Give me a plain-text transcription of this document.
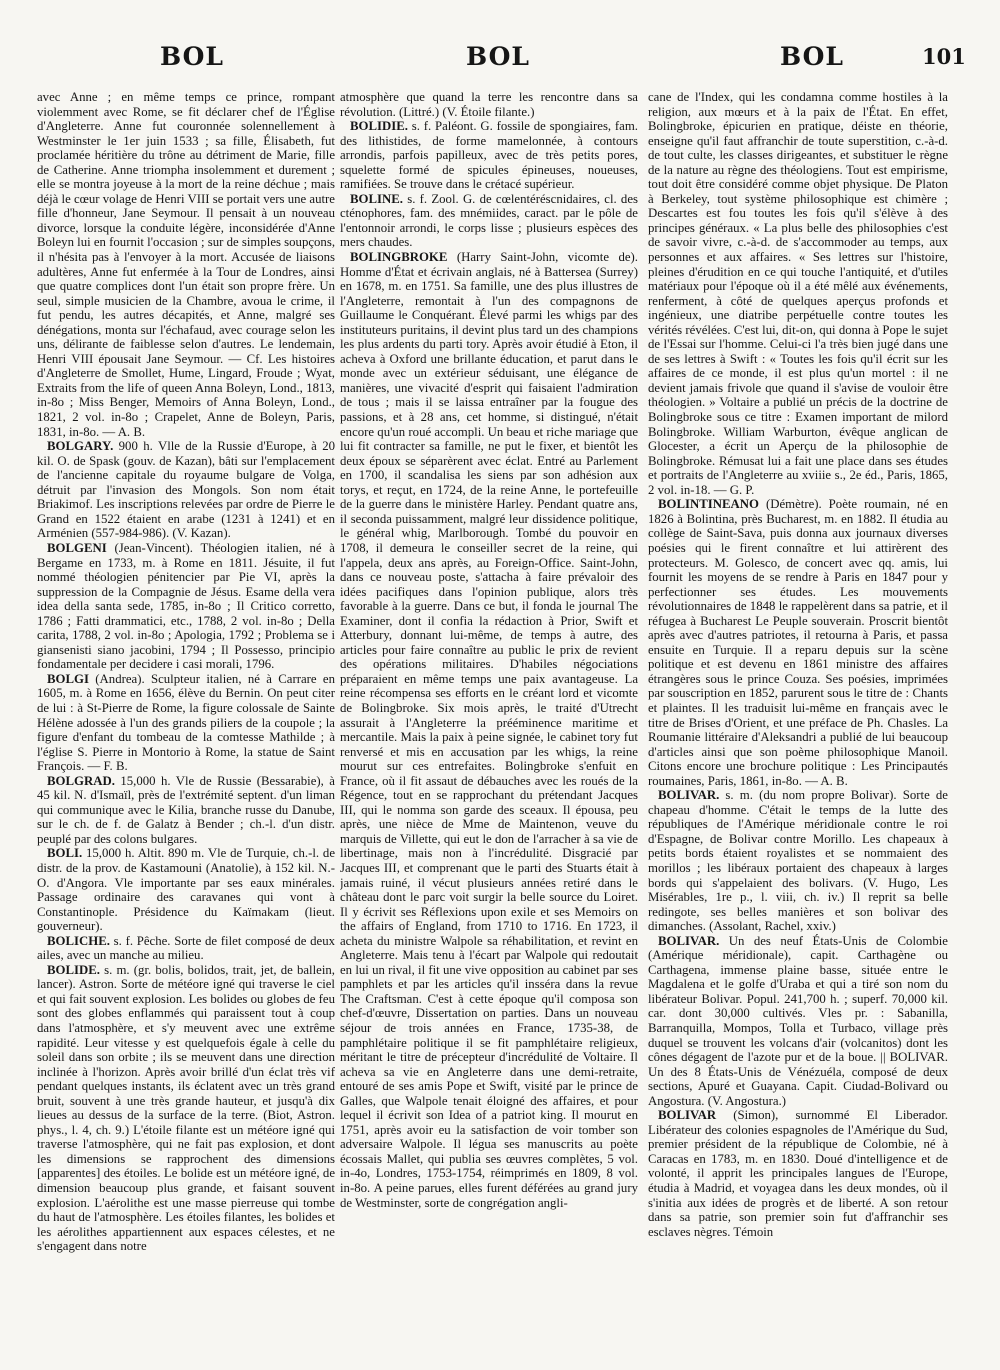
BOL	BOL	BOL	101

avec Anne ; en même temps ce prince, rompant violemment avec Rome, se fit déclarer chef de l'Église d'Angleterre. Anne fut couronnée solennellement à Westminster le 1er juin 1533 ; sa fille, Élisabeth, fut proclamée héritière du trône au détriment de Marie, fille de Catherine. Anne triompha insolemment et durement ; elle se montra joyeuse à la mort de la reine déchue ; mais déjà le cœur volage de Henri VIII se portait vers une autre fille d'honneur, Jane Seymour. Il pensait à un nouveau divorce, lorsque la conduite légère, inconsidérée d'Anne Boleyn lui en fournit l'occasion ; sur de simples soupçons, il n'hésita pas à l'envoyer à la mort. Accusée de liaisons adultères, Anne fut enfermée à la Tour de Londres, ainsi que quatre complices dont l'un était son propre frère. Un seul, simple musicien de la Chambre, avoua le crime, il fut pendu, les autres décapités, et Anne, malgré ses dénégations, monta sur l'échafaud, avec courage selon les uns, délirante de faiblesse selon d'autres. Le lendemain, Henri VIII épousait Jane Seymour. — Cf. Les histoires d'Angleterre de Smollet, Hume, Lingard, Froude ; Wyat, Extraits from the life of queen Anna Boleyn, Lond., 1813, in-8o ; Miss Benger, Memoirs of Anna Boleyn, Lond., 1821, 2 vol. in-8o ; Crapelet, Anne de Boleyn, Paris, 1831, in-8o. — A. B.

BOLGARY. 900 h. Vlle de la Russie d'Europe, à 20 kil. O. de Spask (gouv. de Kazan), bâti sur l'emplacement de l'ancienne capitale du royaume bulgare de Volga, détruit par l'invasion des Mongols. Son nom était Briakimof. Les inscriptions relevées par ordre de Pierre le Grand en 1522 étaient en arabe (1231 à 1241) et en Arménien (557-984-986). (V. Kazan).

BOLGENI (Jean-Vincent). Théologien italien, né à Bergame en 1733, m. à Rome en 1811. Jésuite, il fut nommé théologien pénitencier par Pie VI, après la suppression de la Compagnie de Jésus. Esame della vera idea della santa sede, 1785, in-8o ; Il Critico corretto, 1786 ; Fatti drammatici, etc., 1788, 2 vol. in-8o ; Della carita, 1788, 2 vol. in-8o ; Apologia, 1792 ; Problema se i giansenisti siano jacobini, 1794 ; Il Possesso, principio fondamentale per decidere i casi morali, 1796.

BOLGI (Andrea). Sculpteur italien, né à Carrare en 1605, m. à Rome en 1656, élève du Bernin. On peut citer de lui : à St-Pierre de Rome, la figure colossale de Sainte Hélène adossée à l'un des grands piliers de la coupole ; la figure d'enfant du tombeau de la comtesse Mathilde ; à l'église S. Pierre in Montorio à Rome, la statue de Saint François. — F. B.

BOLGRAD. 15,000 h. Vle de Russie (Bessarabie), à 45 kil. N. d'Ismaïl, près de l'extrémité septent. d'un liman qui communique avec le Kilia, branche russe du Danube, sur le ch. de f. de Galatz à Bender ; ch.-l. d'un distr. peuplé par des colons bulgares.

BOLI. 15,000 h. Altit. 890 m. Vle de Turquie, ch.-l. de distr. de la prov. de Kastamouni (Anatolie), à 152 kil. N.-O. d'Angora. Vle importante par ses eaux minérales. Passage ordinaire des caravanes qui vont à Constantinople. Présidence du Kaïmakam (lieut. gouverneur).

BOLICHE. s. f. Pêche. Sorte de filet composé de deux ailes, avec un manche au milieu.

BOLIDE. s. m. (gr. bolis, bolidos, trait, jet, de ballein, lancer). Astron. Sorte de météore igné qui traverse le ciel et qui fait souvent explosion. Les bolides ou globes de feu sont des globes enflammés qui paraissent tout à coup dans l'atmosphère, et s'y meuvent avec une extrême rapidité. Leur vitesse y est quelquefois égale à celle du soleil dans son orbite ; ils se meuvent dans une direction inclinée à l'horizon. Après avoir brillé d'un éclat très vif pendant quelques instants, ils éclatent avec un très grand bruit, souvent à une très grande hauteur, et jusqu'à dix lieues au dessus de la surface de la terre. (Biot, Astron. phys., l. 4, ch. 9.) L'étoile filante est un météore igné qui traverse l'atmosphère, qui ne fait pas explosion, et dont les dimensions se rapprochent des dimensions [apparentes] des étoiles. Le bolide est un météore igné, de dimension beaucoup plus grande, et faisant souvent explosion. L'aérolithe est une masse pierreuse qui tombe du haut de l'atmosphère. Les étoiles filantes, les bolides et les aérolithes appartiennent aux espaces célestes, et ne s'engagent dans notre

atmosphère que quand la terre les rencontre dans sa révolution. (Littré.) (V. Étoile filante.)

BOLIDIE. s. f. Paléont. G. fossile de spongiaires, fam. des lithistides, de forme mamelonnée, à contours arrondis, parfois papilleux, avec de très petits pores, squelette formé de spicules épineuses, noueuses, ramifiées. Se trouve dans le crétacé supérieur.

BOLINE. s. f. Zool. G. de cœlentéréscnidaires, cl. des cténophores, fam. des mnémiides, caract. par le pôle de l'entonnoir arrondi, le corps lisse ; plusieurs espèces des mers chaudes.

BOLINGBROKE (Harry Saint-John, vicomte de). Homme d'État et écrivain anglais, né à Battersea (Surrey) en 1678, m. en 1751. Sa famille, une des plus illustres de l'Angleterre, remontait à l'un des compagnons de Guillaume le Conquérant. Élevé parmi les whigs par des instituteurs puritains, il devint plus tard un des champions les plus ardents du parti tory. Après avoir étudié à Eton, il acheva à Oxford une brillante éducation, et parut dans le monde avec un extérieur séduisant, une élégance de manières, une vivacité d'esprit qui faisaient l'admiration de tous ; mais il se laissa entraîner par la fougue des passions, et à 28 ans, cet homme, si distingué, n'était encore qu'un roué accompli. Un beau et riche mariage que lui fit contracter sa famille, ne put le fixer, et bientôt les deux époux se séparèrent avec éclat. Entré au Parlement en 1700, il scandalisa les siens par son adhésion aux torys, et reçut, en 1724, de la reine Anne, le portefeuille de la guerre dans le ministère Harley. Pendant quatre ans, il seconda puissamment, malgré leur dissidence politique, le général whig, Marlborough. Tombé du pouvoir en 1708, il demeura le conseiller secret de la reine, qui l'appela, deux ans après, au Foreign-Office. Saint-John, dans ce nouveau poste, s'attacha à faire prévaloir des idées pacifiques dans l'opinion publique, alors très favorable à la guerre. Dans ce but, il fonda le journal The Examiner, dont il confia la rédaction à Prior, Swift et Atterbury, donnant lui-même, de temps à autre, des articles pour faire connaître au public le prix de revient des opérations militaires. D'habiles négociations préparaient en même temps une paix avantageuse. La reine récompensa ses efforts en le créant lord et vicomte de Bolingbroke. Six mois après, le traité d'Utrecht assurait à l'Angleterre la prééminence maritime et mercantile. Mais la paix à peine signée, le cabinet tory fut renversé et mis en accusation par les whigs, la reine mourut sur ces entrefaites. Bolingbroke s'enfuit en France, où il fit assaut de débauches avec les roués de la Régence, tout en se rapprochant du prétendant Jacques III, qui le nomma son garde des sceaux. Il épousa, peu après, une nièce de Mme de Maintenon, veuve du marquis de Villette, qui eut le don de l'arracher à sa vie de libertinage, mais non à l'incrédulité. Disgracié par Jacques III, et comprenant que le parti des Stuarts était à jamais ruiné, il vécut plusieurs années retiré dans le château dont le parc voit surgir la belle source du Loiret. Il y écrivit ses Réflexions upon exile et ses Memoirs on the affairs of England, from 1710 to 1716. En 1723, il acheta du ministre Walpole sa réhabilitation, et revint en Angleterre. Mais tenu à l'écart par Walpole qui redoutait en lui un rival, il fit une vive opposition au cabinet par ses pamphlets et par les articles qu'il insséra dans la revue The Craftsman. C'est à cette époque qu'il composa son chef-d'œuvre, Dissertation on parties. Dans un nouveau séjour de trois années en France, 1735-38, de pamphlétaire politique il se fit pamphlétaire religieux, méritant le titre de précepteur d'incrédulité de Voltaire. Il acheva sa vie en Angleterre dans une demi-retraite, entouré de ses amis Pope et Swift, visité par le prince de Galles, que Walpole tenait éloigné des affaires, et pour lequel il écrivit son Idea of a patriot king. Il mourut en 1751, après avoir eu la satisfaction de voir tomber son adversaire Walpole. Il légua ses manuscrits au poète écossais Mallet, qui publia ses œuvres complètes, 5 vol. in-4o, Londres, 1753-1754, réimprimés en 1809, 8 vol. in-8o. A peine parues, elles furent déférées au grand jury de Westminster, sorte de congrégation angli-

cane de l'Index, qui les condamna comme hostiles à la religion, aux mœurs et à la paix de l'État. En effet, Bolingbroke, épicurien en pratique, déiste en théorie, enseigne qu'il faut affranchir de toute superstition, c.-à-d. de tout culte, les classes dirigeantes, et substituer le règne de la nature au règne des théologiens. Tout est empirisme, tout doit être considéré comme objet physique. De Platon à Berkeley, tout système philosophique est chimère ; Descartes est fou toutes les fois qu'il s'élève à des principes généraux. « La plus belle des philosophies c'est de savoir vivre, c.-à-d. de s'accommoder au temps, aux personnes et aux affaires. « Ses lettres sur l'histoire, pleines d'érudition en ce qui touche l'antiquité, et d'utiles matériaux pour l'époque où il a été mêlé aux événements, renferment, à côté de quelques aperçus profonds et ingénieux, une diatribe perpétuelle contre toutes les vérités révélées. C'est lui, dit-on, qui donna à Pope le sujet de l'Essai sur l'homme. Celui-ci l'a très bien jugé dans une de ses lettres à Swift : « Toutes les fois qu'il écrit sur les affaires de ce monde, il est plus qu'un mortel : il ne devient jamais frivole que quand il s'avise de vouloir être théologien. » Voltaire a publié un précis de la doctrine de Bolingbroke sous ce titre : Examen important de milord Bolingbroke. William Warburton, évêque anglican de Glocester, a écrit un Aperçu de la philosophie de Bolingbroke. Rémusat lui a fait une place dans ses études et portraits de l'Angleterre au xviiie s., 2e éd., Paris, 1865, 2 vol. in-18. — G. P.

BOLINTINEANO (Démètre). Poète roumain, né en 1826 à Bolintina, près Bucharest, m. en 1882. Il étudia au collège de Saint-Sava, puis donna aux journaux diverses poésies qui le firent connaître et lui attirèrent des protecteurs. M. Golesco, de concert avec qq. amis, lui fournit les moyens de se rendre à Paris en 1847 pour y perfectionner ses études. Les mouvements révolutionnaires de 1848 le rappelèrent dans sa patrie, et il réfugea à Bucharest Le Peuple souverain. Proscrit bientôt après avec d'autres patriotes, il retourna à Paris, et passa ensuite en Turquie. Il a reparu depuis sur la scène politique et est devenu en 1861 ministre des affaires étrangères sous le prince Couza. Ses poésies, imprimées par souscription en 1852, parurent sous le titre de : Chants et plaintes. Il les traduisit lui-même en français avec le titre de Brises d'Orient, et une préface de Ph. Chasles. La Roumanie littéraire d'Aleksandri a publié de lui beaucoup d'articles ainsi que son poème philosophique Manoil. Citons encore une brochure politique : Les Principautés roumaines, Paris, 1861, in-8o. — A. B.

BOLIVAR. s. m. (du nom propre Bolivar). Sorte de chapeau d'homme. C'était le temps de la lutte des républiques de l'Amérique méridionale contre le roi d'Espagne, de Bolivar contre Morillo. Les chapeaux à petits bords étaient royalistes et se nommaient des morillos ; les libéraux portaient des chapeaux à larges bords qui s'appelaient des bolivars. (V. Hugo, Les Misérables, 1re p., l. viii, ch. iv.) Il reprit sa belle redingote, ses belles manières et son bolivar des dimanches. (Assolant, Rachel, xxiv.)

BOLIVAR. Un des neuf États-Unis de Colombie (Amérique méridionale), capit. Carthagène ou Carthagena, immense plaine basse, située entre le Magdalena et le golfe d'Uraba et qui a tiré son nom du libérateur Bolivar. Popul. 241,700 h. ; superf. 70,000 kil. car. dont 30,000 cultivés. Vles pr. : Sabanilla, Barranquilla, Mompos, Tolla et Turbaco, village près duquel se trouvent les volcans d'air (volcanitos) dont les cônes dégagent de l'azote pur et de la boue. || BOLIVAR. Un des 8 États-Unis de Vénézuéla, composé de deux sections, Apuré et Guayana. Capit. Ciudad-Bolivard ou Angostura. (V. Angostura.)

BOLIVAR (Simon), surnommé El Liberador. Libérateur des colonies espagnoles de l'Amérique du Sud, premier président de la république de Colombie, né à Caracas en 1783, m. en 1830. Doué d'intelligence et de volonté, il apprit les principales langues de l'Europe, étudia à Madrid, et voyagea dans les deux mondes, où il s'initia aux idées de progrès et de liberté. A son retour dans sa patrie, son premier soin fut d'affranchir ses esclaves nègres. Témoin
